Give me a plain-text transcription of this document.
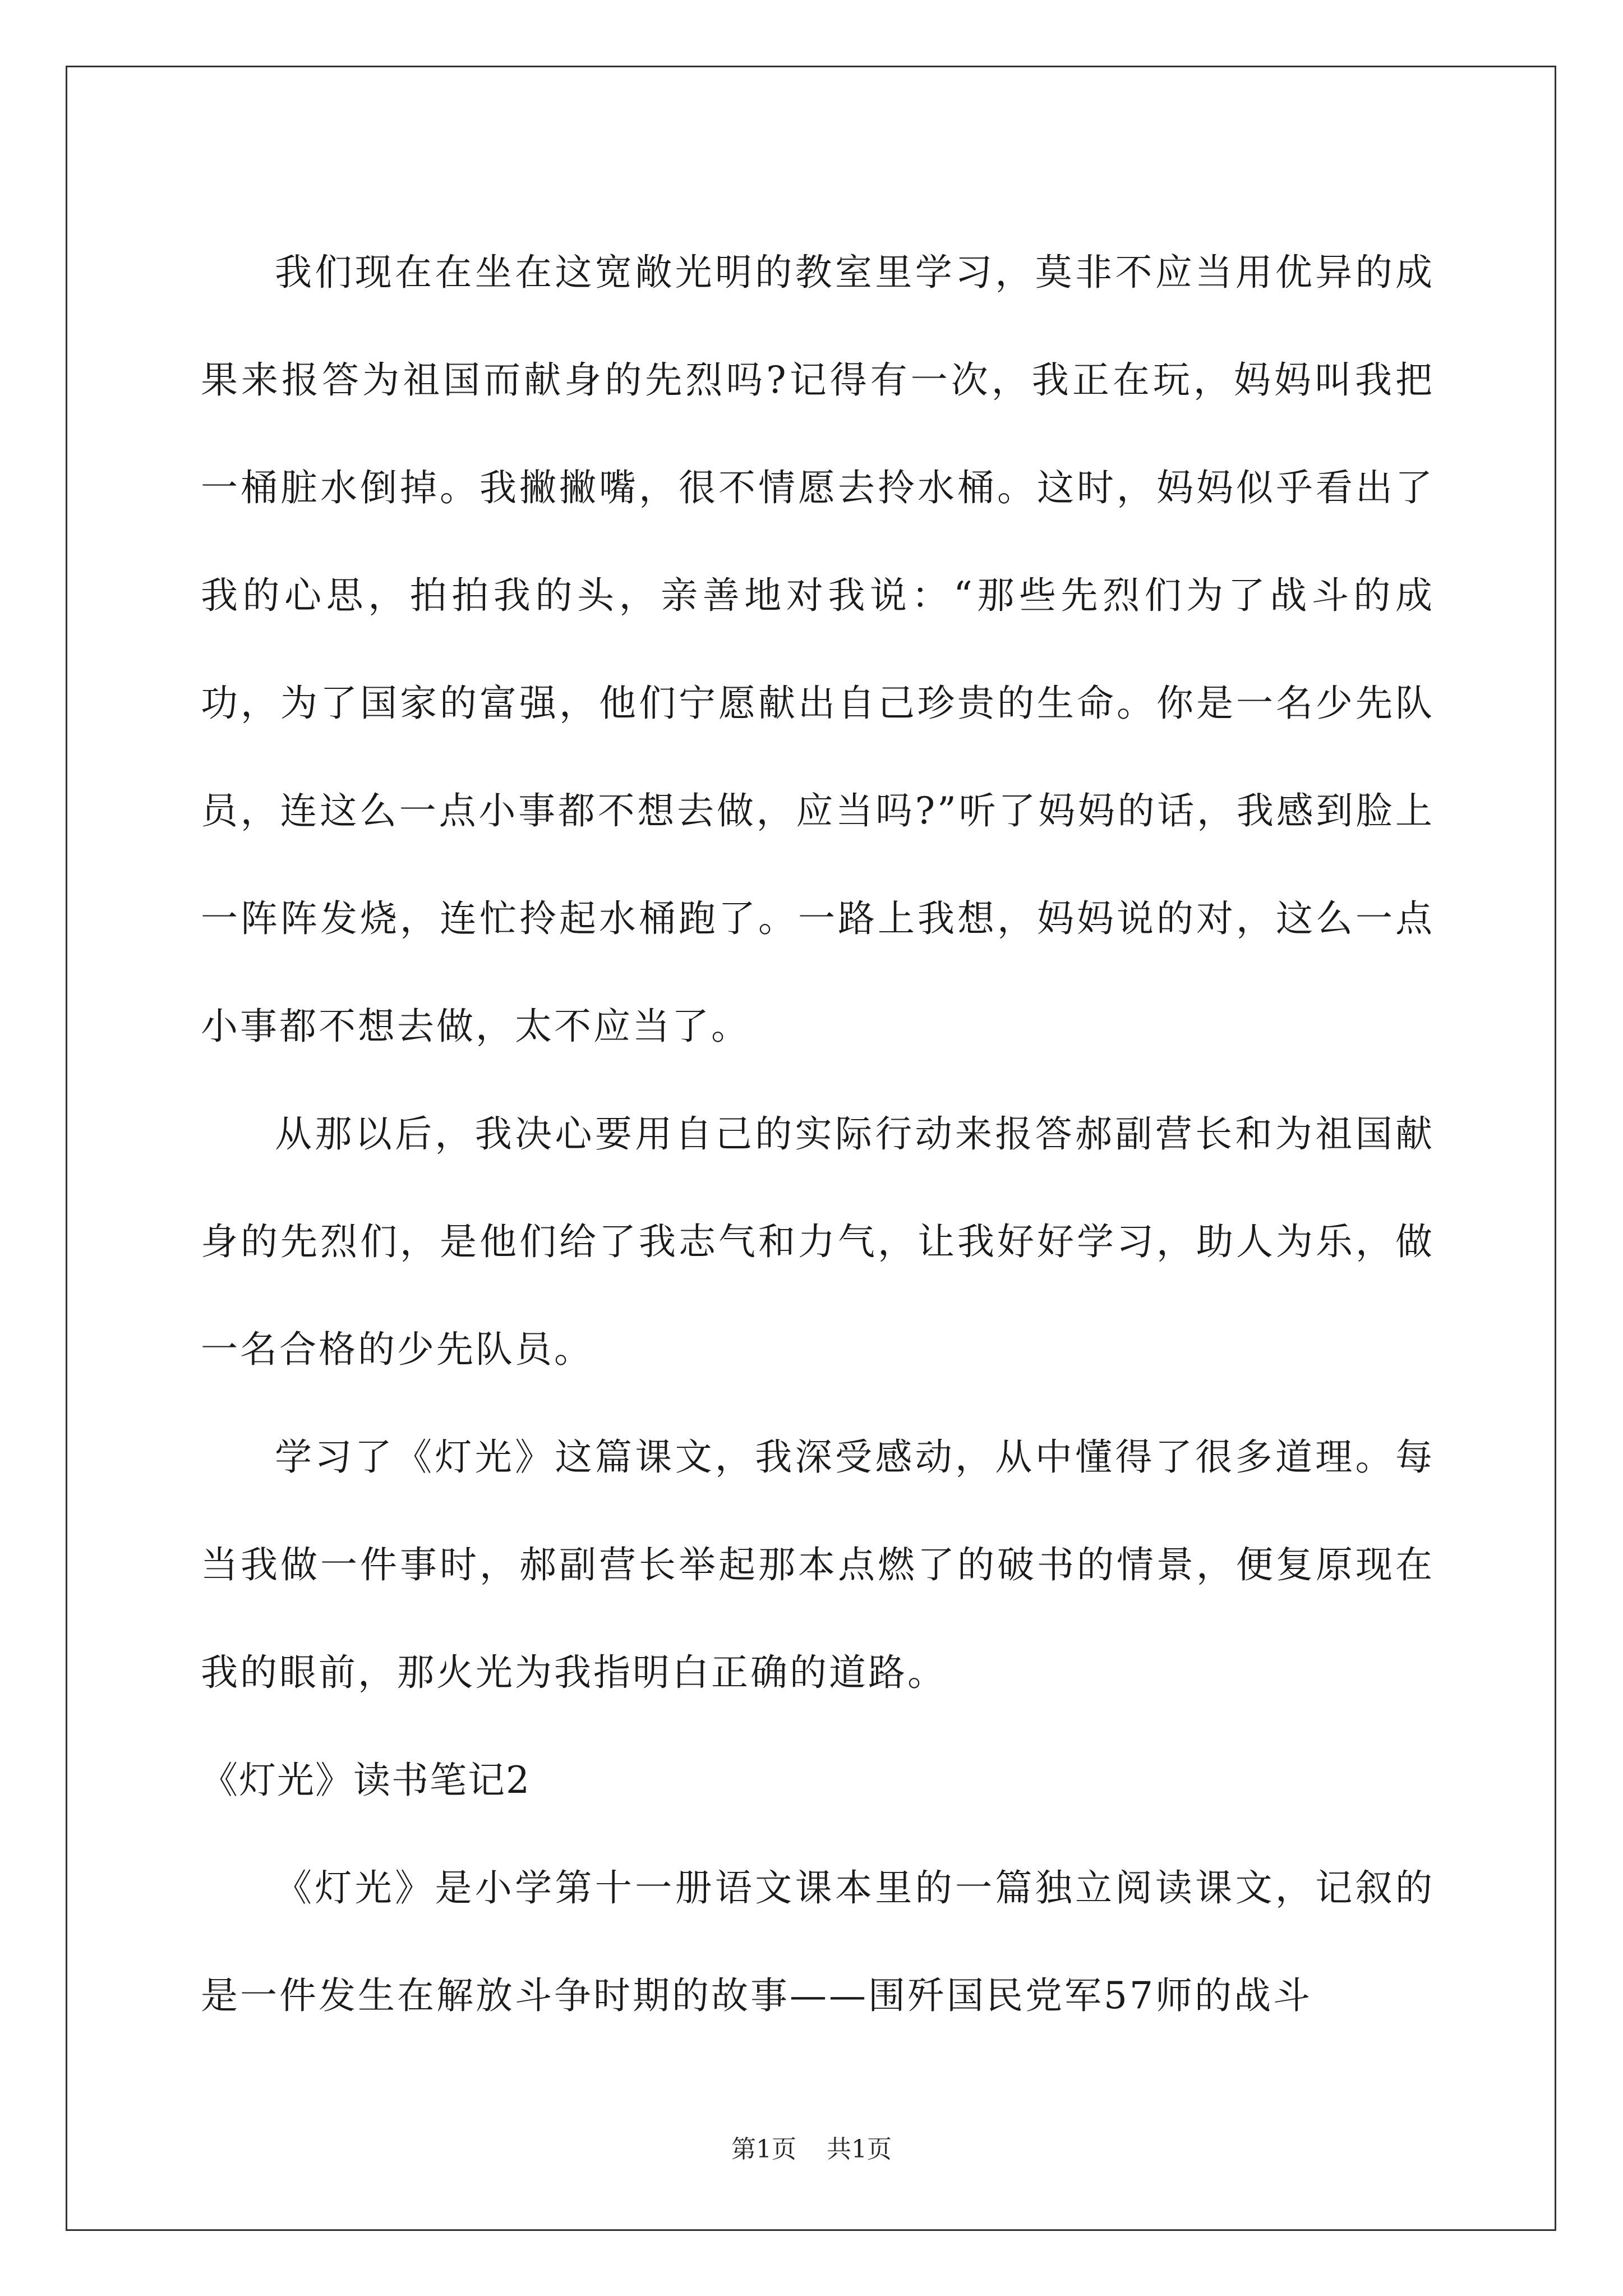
我们现在在坐在这宽敞光明的教室里学习，莫非不应当用优异的成果来报答为祖国而献身的先烈吗?记得有一次，我正在玩，妈妈叫我把一桶脏水倒掉。我撇撇嘴，很不情愿去拎水桶。这时，妈妈似乎看出了我的心思，拍拍我的头，亲善地对我说：“那些先烈们为了战斗的成功，为了国家的富强，他们宁愿献出自己珍贵的生命。你是一名少先队员，连这么一点小事都不想去做，应当吗?”听了妈妈的话，我感到脸上一阵阵发烧，连忙拎起水桶跑了。一路上我想，妈妈说的对，这么一点小事都不想去做，太不应当了。

从那以后，我决心要用自己的实际行动来报答郝副营长和为祖国献身的先烈们，是他们给了我志气和力气，让我好好学习，助人为乐，做一名合格的少先队员。

学习了《灯光》这篇课文，我深受感动，从中懂得了很多道理。每当我做一件事时，郝副营长举起那本点燃了的破书的情景，便复原现在我的眼前，那火光为我指明白正确的道路。

《灯光》读书笔记2

《灯光》是小学第十一册语文课本里的一篇独立阅读课文，记叙的是一件发生在解放斗争时期的故事——围歼国民党军57师的战斗

第1页 共1页
